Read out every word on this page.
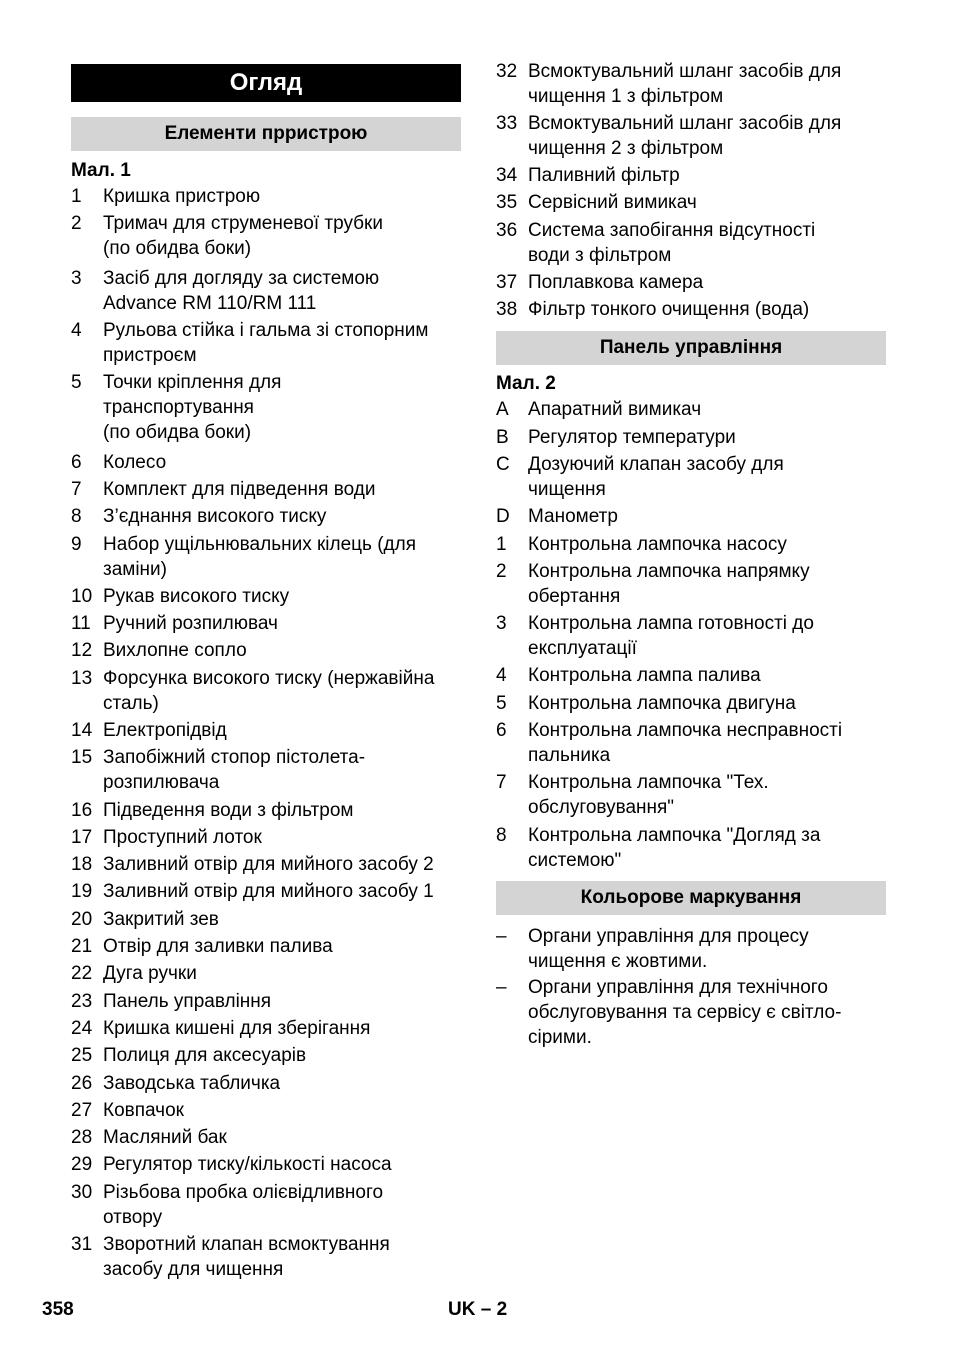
Огляд
Елементи прристрою
Мал. 1
1 Кришка пристрою
2 Тримач для струменевої трубки
(по обидва боки)
3 Засіб для догляду за системою
Advance RM 110/RM 111
4 Рульова стійка і гальма зі стопорним
пристроєм
5 Точки кріплення для
транспортування
(по обидва боки)
6 Колесо
7 Комплект для підведення води
8 З’єднання високого тиску
9 Набор ущільнювальних кілець (для
заміни)
10 Рукав високого тиску
11 Ручний розпилювач
12 Вихлопне сопло
13 Форсунка високого тиску (нержавійна
сталь)
14 Електропідвід
15 Запобіжний стопор пістолета-
розпилювача
16 Підведення води з фільтром
17 Проступний лоток
18 Заливний отвір для мийного засобу 2
19 Заливний отвір для мийного засобу 1
20 Закритий зев
21 Отвір для заливки палива
22 Дуга ручки
23 Панель управління
24 Кришка кишені для зберігання
25 Полиця для аксесуарів
26 Заводська табличка
27 Ковпачок
28 Масляний бак
29 Регулятор тиску/кількості насоса
30 Різьбова пробка олієвідливного
отвору
31 Зворотний клапан всмоктування
засобу для чищення
32 Всмоктувальний шланг засобів для
чищення 1 з фільтром
33 Всмоктувальний шланг засобів для
чищення 2 з фільтром
34 Паливний фільтр
35 Сервісний вимикач
36 Система запобігання відсутності
води з фільтром
37 Поплавкова камера
38 Фільтр тонкого очищення (вода)
Панель управління
Мал. 2
A Апаратний вимикач
B Регулятор температури
C Дозуючий клапан засобу для
чищення
D Манометр
1 Контрольна лампочка насосу
2 Контрольна лампочка напрямку
обертання
3 Контрольна лампа готовності до
експлуатації
4 Контрольна лампа палива
5 Контрольна лампочка двигуна
6 Контрольна лампочка несправності
пальника
7 Контрольна лампочка "Тех.
обслуговування"
8 Контрольна лампочка "Догляд за
системою"
Кольорове маркування
– Органи управління для процесу
чищення є жовтими.
– Органи управління для технічного
обслуговування та сервісу є світло-
сірими.
358	UK – 2
